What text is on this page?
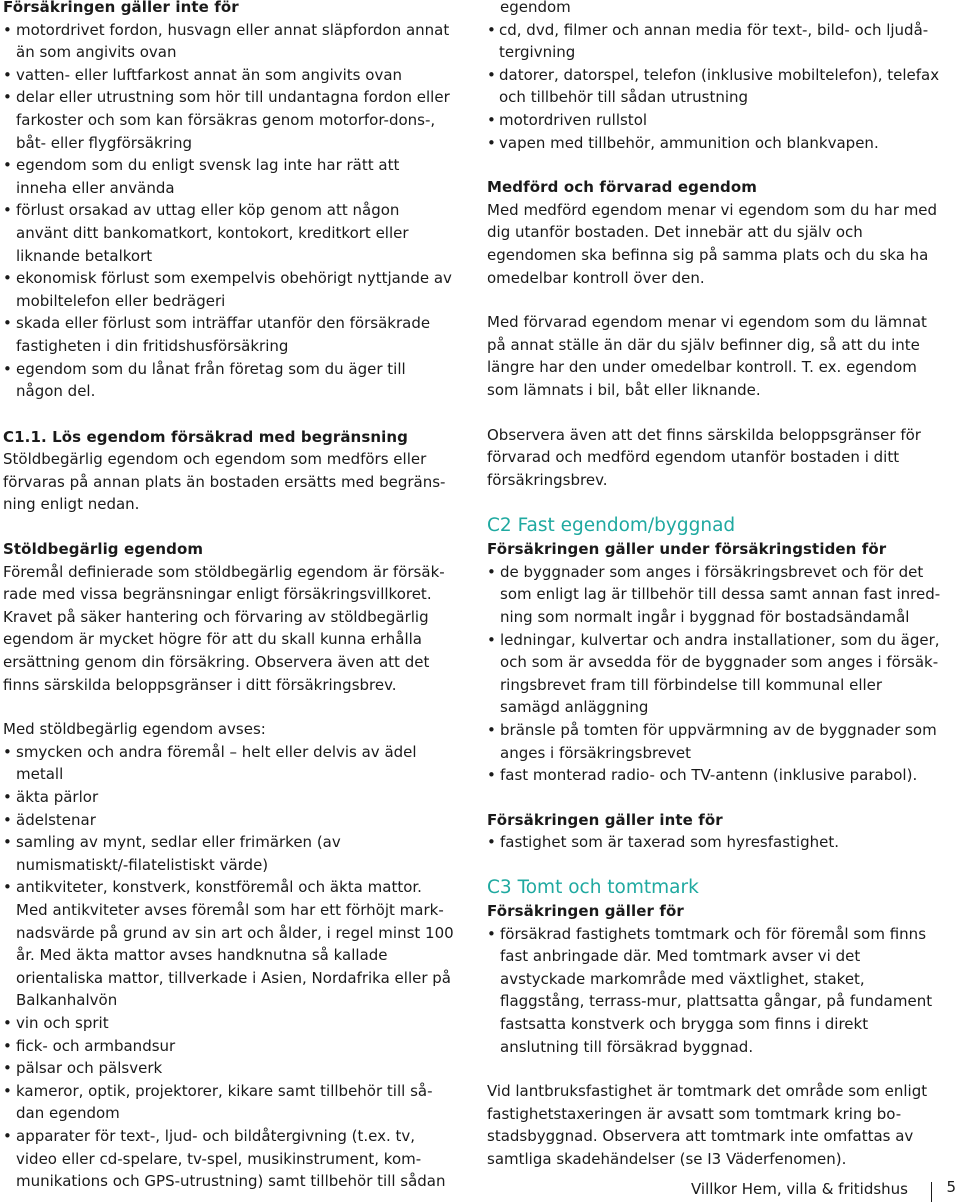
Försäkringen gäller inte för

• motordrivet fordon, husvagn eller annat släpfordon annat än som angivits ovan
• vatten- eller luftfarkost annat än som angivits ovan
• delar eller utrustning som hör till undantagna fordon eller farkoster och som kan försäkras genom motorfor-dons-, båt- eller flygförsäkring
• egendom som du enligt svensk lag inte har rätt att inneha eller använda
• förlust orsakad av uttag eller köp genom att någon använt ditt bankomatkort, kontokort, kreditkort eller liknande betalkort
• ekonomisk förlust som exempelvis obehörigt nyttjande av mobiltelefon eller bedrägeri
• skada eller förlust som inträffar utanför den försäkrade fastigheten i din fritidshusförsäkring
• egendom som du lånat från företag som du äger till någon del.

C1.1. Lös egendom försäkrad med begränsning

Stöldbegärlig egendom och egendom som medförs eller förvaras på annan plats än bostaden ersätts med begräns-ning enligt nedan.

Stöldbegärlig egendom

Föremål definierade som stöldbegärlig egendom är försäk-rade med vissa begränsningar enligt försäkringsvillkoret. Kravet på säker hantering och förvaring av stöldbegärlig egendom är mycket högre för att du skall kunna erhålla ersättning genom din försäkring. Observera även att det finns särskilda beloppsgränser i ditt försäkringsbrev.

Med stöldbegärlig egendom avses:

• smycken och andra föremål – helt eller delvis av ädel metall
• äkta pärlor
• ädelstenar
• samling av mynt, sedlar eller frimärken (av numismatiskt/-filatelistiskt värde)
• antikviteter, konstverk, konstföremål och äkta mattor. Med antikviteter avses föremål som har ett förhöjt mark-nadsvärde på grund av sin art och ålder, i regel minst 100 år. Med äkta mattor avses handknutna så kallade orientaliska mattor, tillverkade i Asien, Nordafrika eller på Balkanhalvön
• vin och sprit
• fick- och armbandsur
• pälsar och pälsverk
• kameror, optik, projektorer, kikare samt tillbehör till så-dan egendom
• apparater för text-, ljud- och bildåtergivning (t.ex. tv, video eller cd-spelare, tv-spel, musikinstrument, kom-munikations och GPS-utrustning) samt tillbehör till sådan

egendom

• cd, dvd, filmer och annan media för text-, bild- och ljudå-tergivning
• datorer, datorspel, telefon (inklusive mobiltelefon), telefax och tillbehör till sådan utrustning
• motordriven rullstol
• vapen med tillbehör, ammunition och blankvapen.

Medförd och förvarad egendom

Med medförd egendom menar vi egendom som du har med dig utanför bostaden. Det innebär att du själv och egendomen ska befinna sig på samma plats och du ska ha omedelbar kontroll över den.

Med förvarad egendom menar vi egendom som du lämnat på annat ställe än där du själv befinner dig, så att du inte längre har den under omedelbar kontroll. T. ex. egendom som lämnats i bil, båt eller liknande.

Observera även att det finns särskilda beloppsgränser för förvarad och medförd egendom utanför bostaden i ditt försäkringsbrev.

C2 Fast egendom/byggnad

Försäkringen gäller under försäkringstiden för

• de byggnader som anges i försäkringsbrevet och för det som enligt lag är tillbehör till dessa samt annan fast inred-ning som normalt ingår i byggnad för bostadsändamål
• ledningar, kulvertar och andra installationer, som du äger, och som är avsedda för de byggnader som anges i försäk-ringsbrevet fram till förbindelse till kommunal eller samägd anläggning
• bränsle på tomten för uppvärmning av de byggnader som anges i försäkringsbrevet
• fast monterad radio- och TV-antenn (inklusive parabol).

Försäkringen gäller inte för

• fastighet som är taxerad som hyresfastighet.

C3 Tomt och tomtmark

Försäkringen gäller för

• försäkrad fastighets tomtmark och för föremål som finns fast anbringade där. Med tomtmark avser vi det avstyckade markområde med växtlighet, staket, flaggstång, terrass-mur, plattsatta gångar, på fundament fastsatta konstverk och brygga som finns i direkt anslutning till försäkrad byggnad.

Vid lantbruksfastighet är tomtmark det område som enligt fastighetstaxeringen är avsatt som tomtmark kring bo-stadsbyggnad. Observera att tomtmark inte omfattas av samtliga skadehändelser (se I3 Väderfenomen).

Villkor Hem, villa & fritidshus	5
